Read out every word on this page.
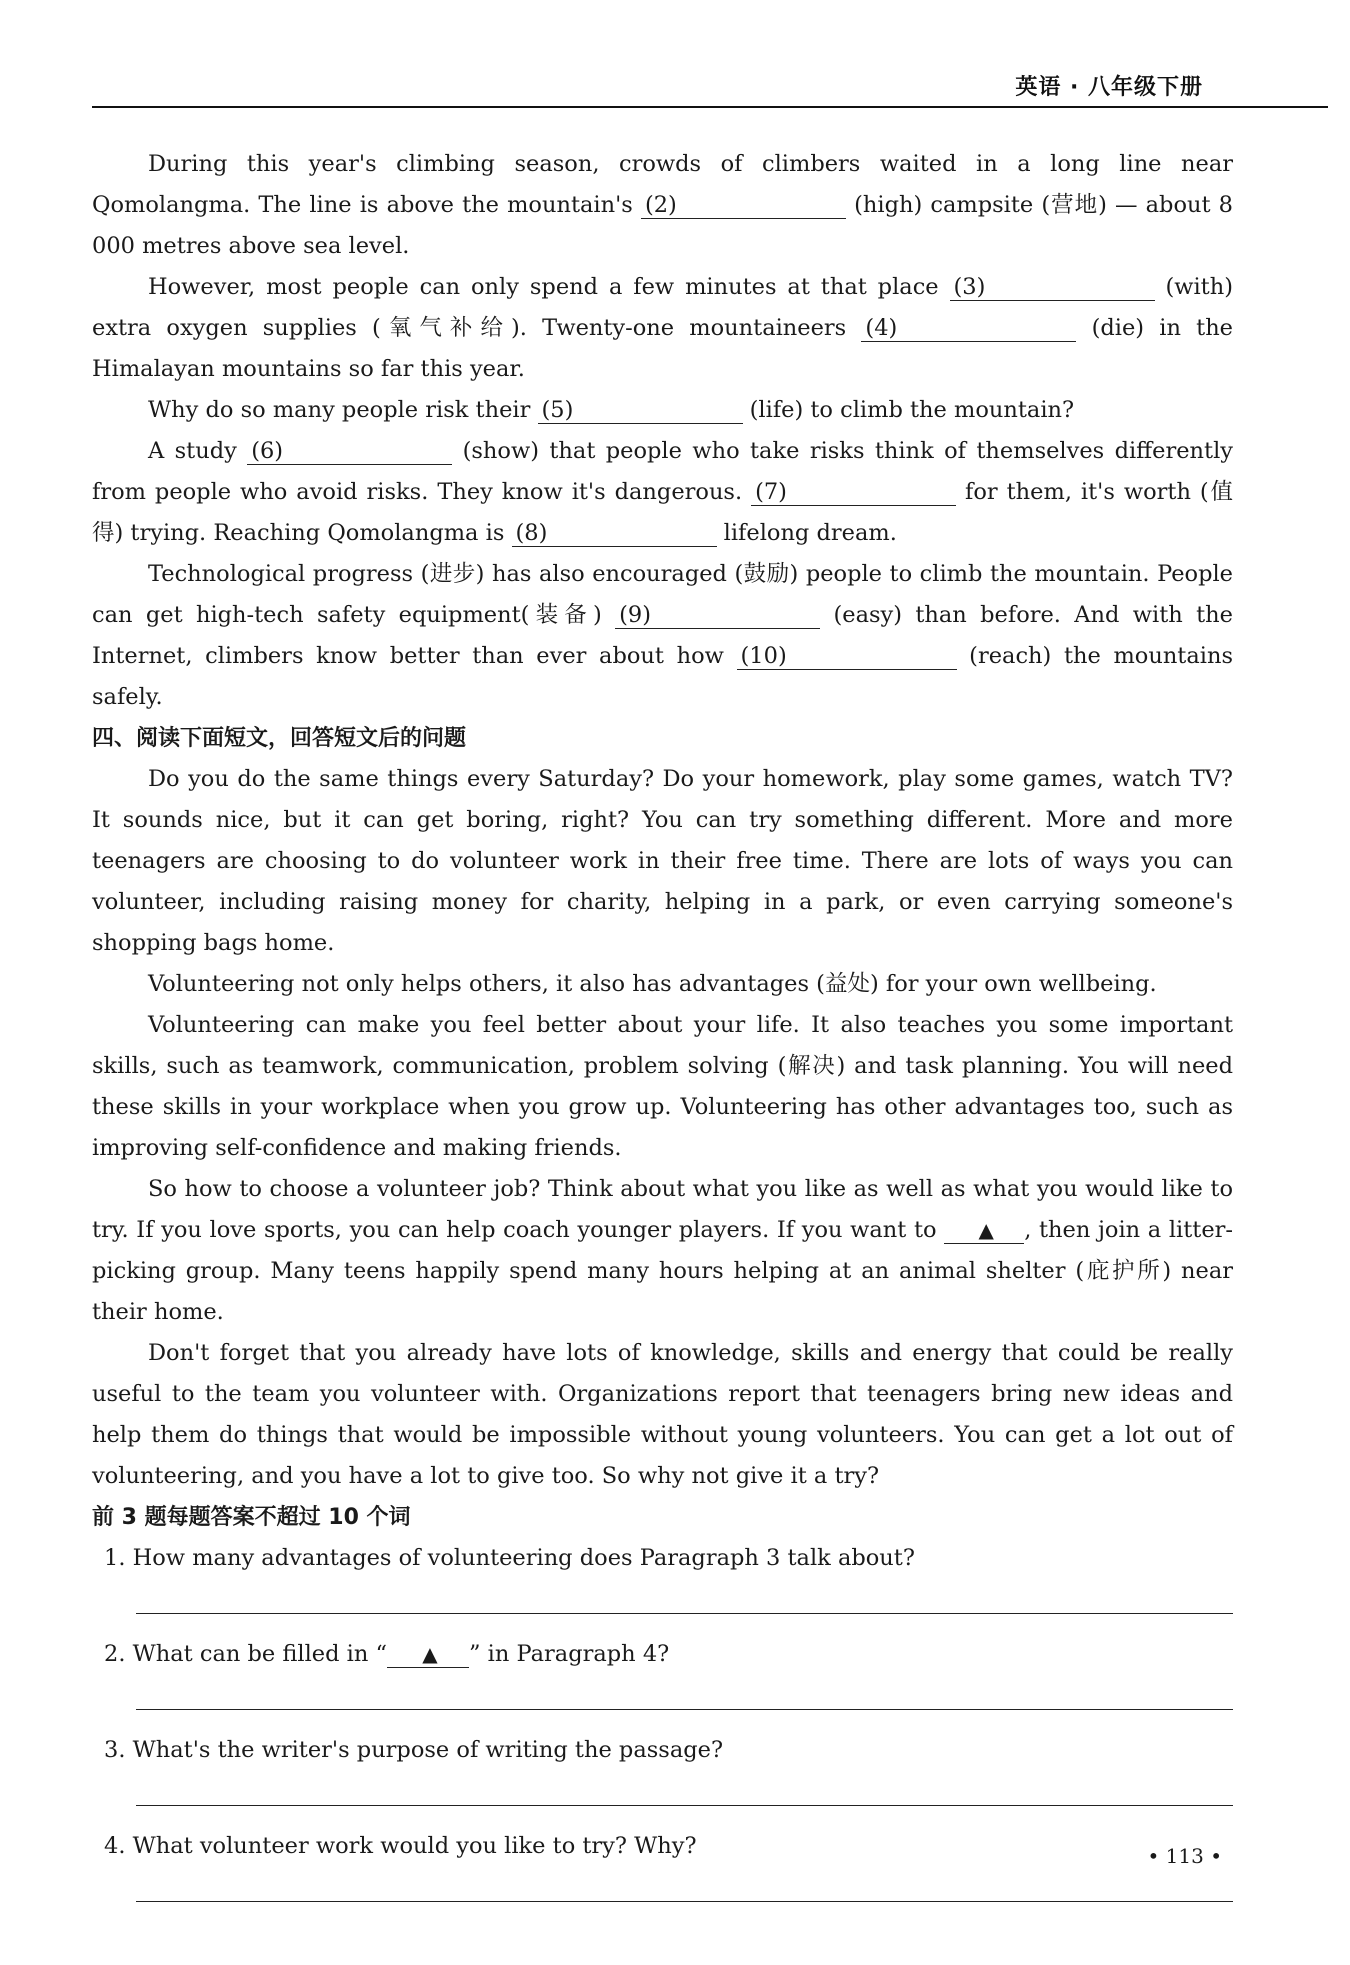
英语 · 八年级下册

During this year's climbing season, crowds of climbers waited in a long line near Qomolangma. The line is above the mountain's (2)	(high) campsite (营地) — about 8 000 metres above sea level.

However, most people can only spend a few minutes at that place (3)	(with) extra oxygen supplies (氧气补给). Twenty-one mountaineers (4)	(die) in the Himalayan mountains so far this year.

Why do so many people risk their (5)	(life) to climb the mountain?

A study (6)	(show) that people who take risks think of themselves differently from people who avoid risks. They know it's dangerous. (7)	for them, it's worth (值得) trying. Reaching Qomolangma is (8)	lifelong dream.

Technological progress (进步) has also encouraged (鼓励) people to climb the mountain. People can get high-tech safety equipment(装备) (9)	(easy) than before. And with the Internet, climbers know better than ever about how (10)	(reach) the mountains safely.

四、阅读下面短文，回答短文后的问题

Do you do the same things every Saturday? Do your homework, play some games, watch TV? It sounds nice, but it can get boring, right? You can try something different. More and more teenagers are choosing to do volunteer work in their free time. There are lots of ways you can volunteer, including raising money for charity, helping in a park, or even carrying someone's shopping bags home.

Volunteering not only helps others, it also has advantages (益处) for your own wellbeing.

Volunteering can make you feel better about your life. It also teaches you some important skills, such as teamwork, communication, problem solving (解决) and task planning. You will need these skills in your workplace when you grow up. Volunteering has other advantages too, such as improving self-confidence and making friends.

So how to choose a volunteer job? Think about what you like as well as what you would like to try. If you love sports, you can help coach younger players. If you want to ▲ , then join a litter-picking group. Many teens happily spend many hours helping at an animal shelter (庇护所) near their home.

Don't forget that you already have lots of knowledge, skills and energy that could be really useful to the team you volunteer with. Organizations report that teenagers bring new ideas and help them do things that would be impossible without young volunteers. You can get a lot out of volunteering, and you have a lot to give too. So why not give it a try?

前 3 题每题答案不超过 10 个词

1. How many advantages of volunteering does Paragraph 3 talk about?

2. What can be filled in “ ▲ ” in Paragraph 4?

3. What's the writer's purpose of writing the passage?

4. What volunteer work would you like to try? Why?	• 113 •
